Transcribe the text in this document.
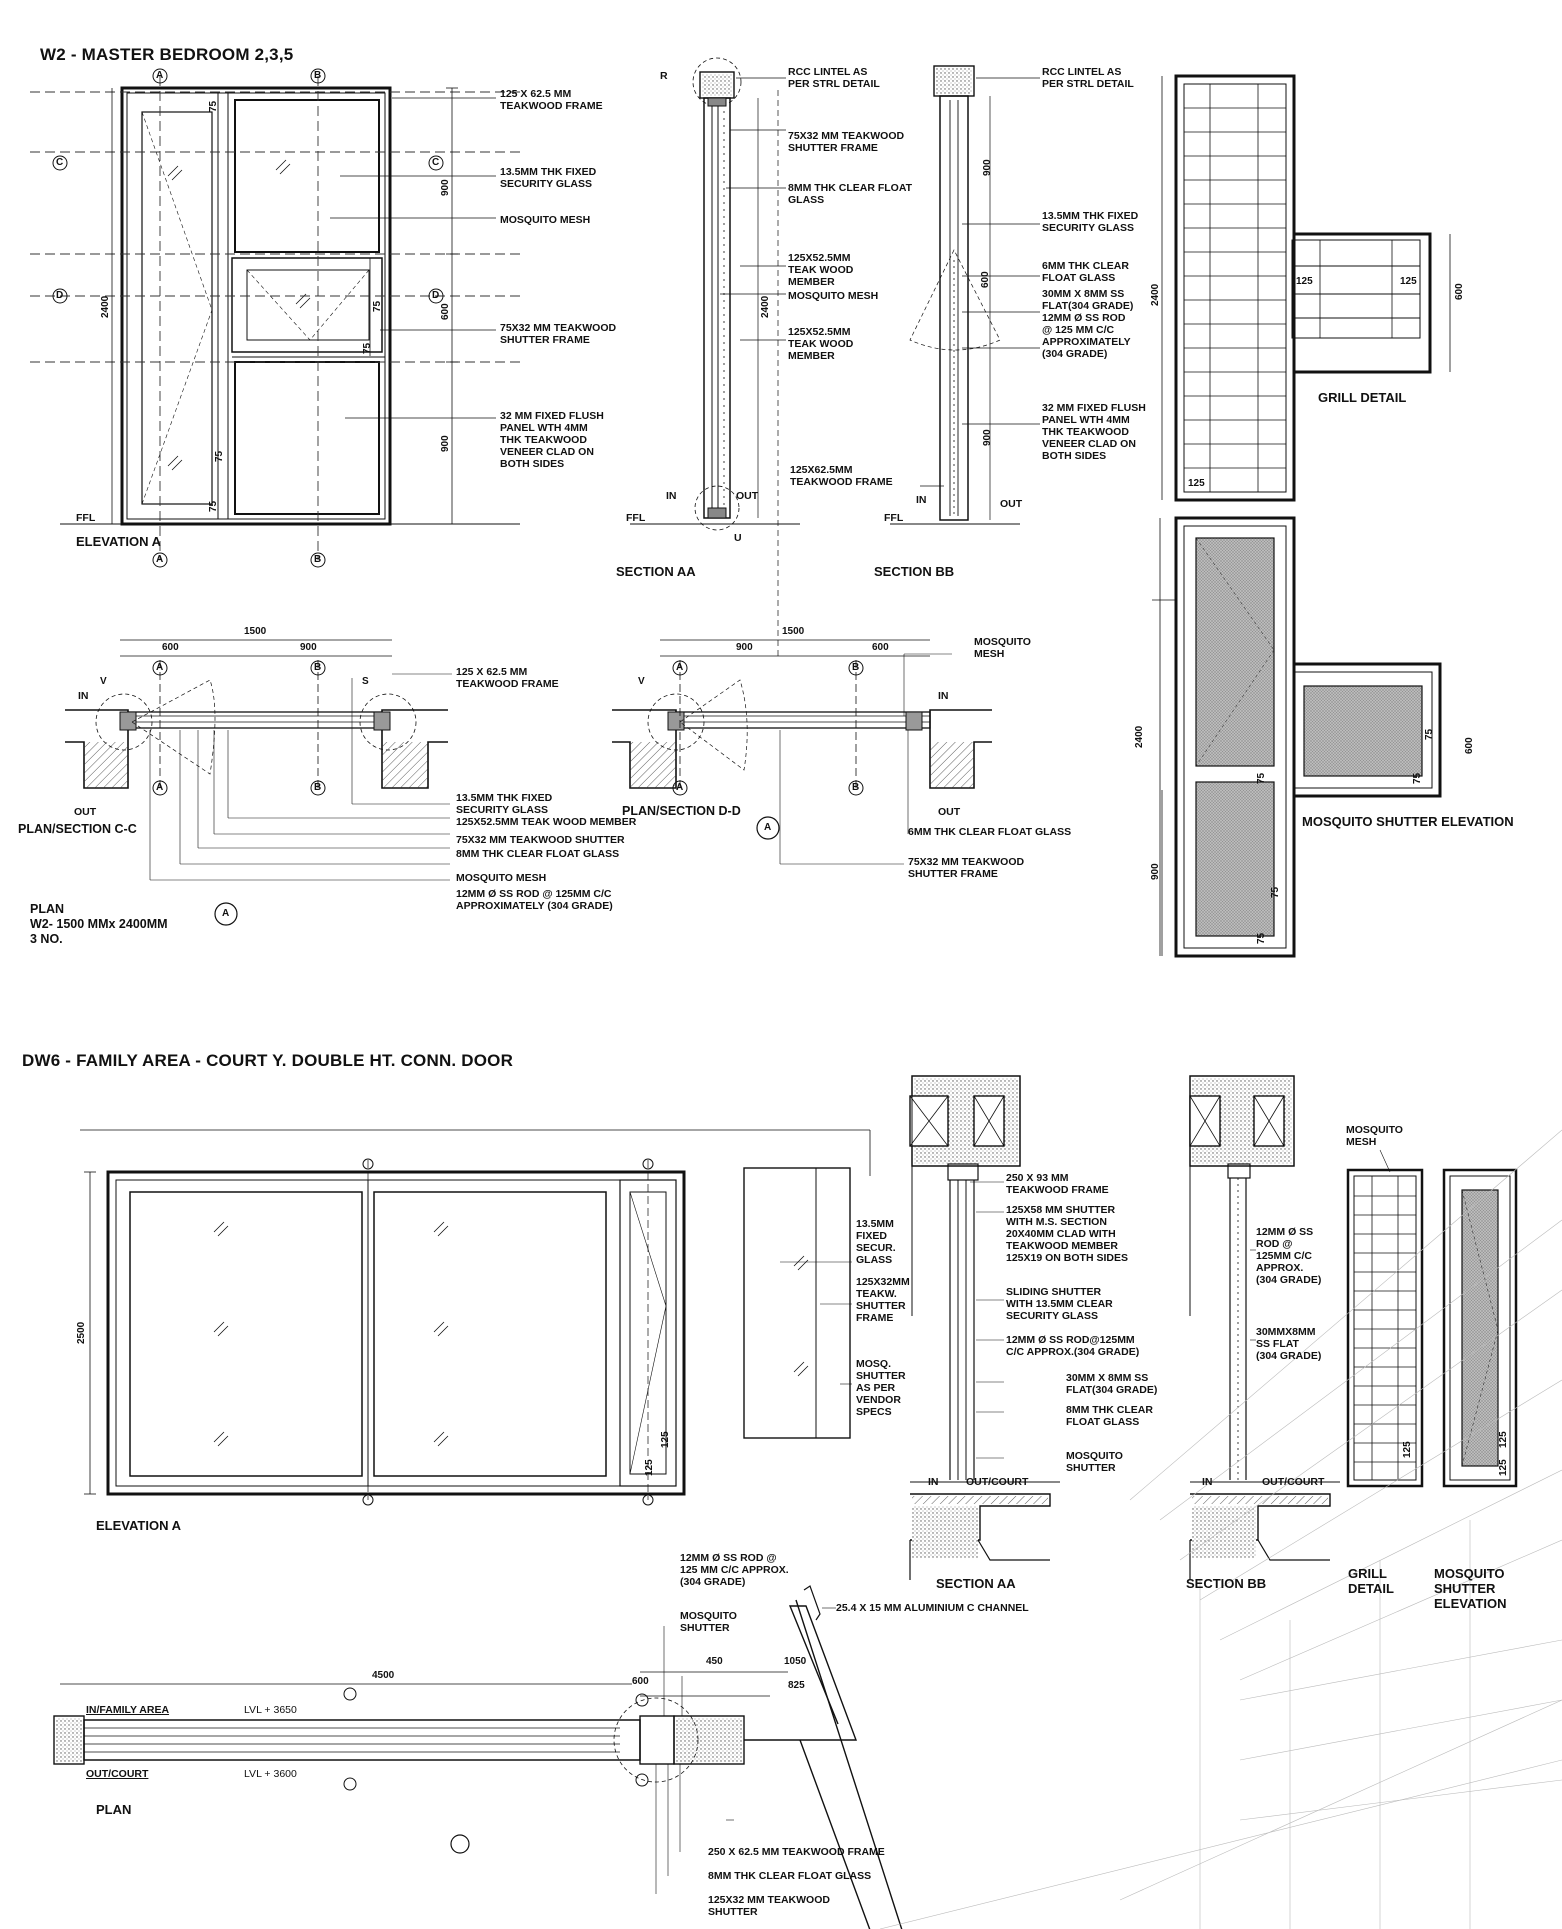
W2 - MASTER BEDROOM 2,3,5
125 X 62.5 MM
TEAKWOOD FRAME
13.5MM THK FIXED
SECURITY GLASS
MOSQUITO MESH
75X32 MM TEAKWOOD
SHUTTER FRAME
32 MM FIXED FLUSH
PANEL WTH 4MM
THK TEAKWOOD
VENEER CLAD ON
BOTH SIDES
ELEVATION A
FFL
2400
900
600
900
75
75
75
75
75
A	B
A	B
C	C
D	D
RCC LINTEL AS
PER STRL DETAIL
75X32 MM TEAKWOOD
SHUTTER FRAME
8MM THK CLEAR FLOAT
GLASS
125X52.5MM
TEAK WOOD
MEMBER
MOSQUITO MESH
125X52.5MM
TEAK WOOD
MEMBER
125X62.5MM
TEAKWOOD FRAME
R
U
IN	OUT
FFL
2400
SECTION AA
RCC LINTEL AS
PER STRL DETAIL
13.5MM THK FIXED
SECURITY GLASS
6MM THK CLEAR
FLOAT GLASS
30MM X 8MM SS
FLAT(304 GRADE)
12MM Ø SS ROD
@ 125 MM C/C
APPROXIMATELY
(304 GRADE)
32 MM FIXED FLUSH
PANEL WTH 4MM
THK TEAKWOOD
VENEER CLAD ON
BOTH SIDES
IN	OUT
FFL
900
600
900
SECTION BB
GRILL DETAIL
2400	600
125	125
125
MOSQUITO SHUTTER ELEVATION
2400
900
600
75
75
75
75
75
1500
600	900
A	B
A	B
V	S
IN
OUT
125 X 62.5 MM
TEAKWOOD FRAME
13.5MM THK FIXED
SECURITY GLASS
125X52.5MM TEAK WOOD MEMBER
75X32 MM TEAKWOOD SHUTTER
8MM THK CLEAR FLOAT GLASS
MOSQUITO MESH
12MM Ø SS ROD @ 125MM C/C
APPROXIMATELY (304 GRADE)
PLAN/SECTION C-C
PLAN
W2- 1500 MMx 2400MM
3 NO.
A
1500
900	600
A	B
A	B
V
IN
OUT
MOSQUITO
MESH
6MM THK CLEAR FLOAT GLASS
75X32 MM TEAKWOOD
SHUTTER FRAME
PLAN/SECTION D-D
A
DW6 - FAMILY AREA - COURT Y. DOUBLE HT. CONN. DOOR
2500
125
125
ELEVATION A
13.5MM
FIXED
SECUR.
GLASS
125X32MM
TEAKW.
SHUTTER
FRAME
MOSQ.
SHUTTER
AS PER
VENDOR
SPECS
250 X 93 MM
TEAKWOOD FRAME
125X58 MM SHUTTER
WITH M.S. SECTION
20X40MM CLAD WITH
TEAKWOOD MEMBER
125X19 ON BOTH SIDES
SLIDING SHUTTER
WITH 13.5MM CLEAR
SECURITY GLASS
12MM Ø SS ROD@125MM
C/C APPROX.(304 GRADE)
30MM X 8MM SS
FLAT(304 GRADE)
8MM THK CLEAR
FLOAT GLASS
MOSQUITO
SHUTTER
IN	OUT/COURT
SECTION AA
12MM Ø SS
ROD @
125MM C/C
APPROX.
(304 GRADE)
30MMX8MM
SS FLAT
(304 GRADE)
IN	OUT/COURT
SECTION BB
MOSQUITO
MESH
125
125
125
GRILL
DETAIL
MOSQUITO
SHUTTER
ELEVATION
12MM Ø SS ROD @
125 MM C/C APPROX.
(304 GRADE)
MOSQUITO
SHUTTER
25.4 X 15 MM ALUMINIUM C CHANNEL
4500
450	1050
600	825
IN/FAMILY AREA
OUT/COURT
LVL + 3650
LVL + 3600
PLAN
250 X 62.5 MM TEAKWOOD FRAME
8MM THK CLEAR FLOAT GLASS
125X32 MM TEAKWOOD
SHUTTER
